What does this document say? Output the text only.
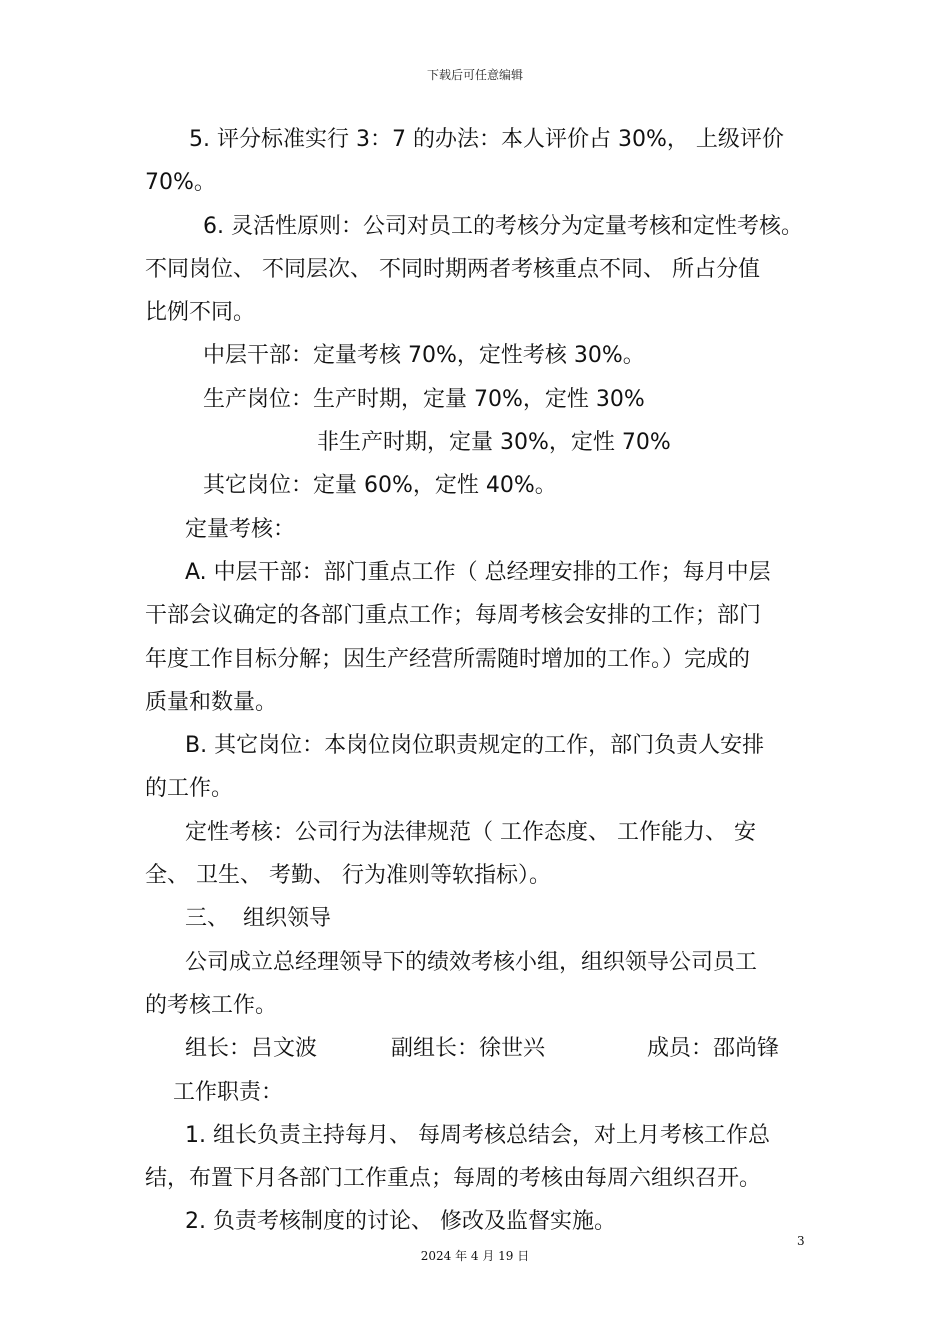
下载后可任意编辑
5. 评分标准实行 3：7 的办法：本人评价占 30%， 上级评价
70%。
6. 灵活性原则：公司对员工的考核分为定量考核和定性考核。
不同岗位、 不同层次、 不同时期两者考核重点不同、 所占分值
比例不同。
中层干部：定量考核 70%，定性考核 30%。
生产岗位：生产时期，定量 70%，定性 30%
非生产时期，定量 30%，定性 70%
其它岗位：定量 60%，定性 40%。
定量考核：
A. 中层干部：部门重点工作（ 总经理安排的工作；每月中层
干部会议确定的各部门重点工作；每周考核会安排的工作；部门
年度工作目标分解；因生产经营所需随时增加的工作。）完成的
质量和数量。
B. 其它岗位：本岗位岗位职责规定的工作，部门负责人安排
的工作。
定性考核：公司行为法律规范（ 工作态度、 工作能力、 安
全、 卫生、 考勤、 行为准则等软指标）。
三、  组织领导
公司成立总经理领导下的绩效考核小组，组织领导公司员工
的考核工作。
组长：吕文波	副组长：徐世兴	成员：邵尚锋
工作职责：
1. 组长负责主持每月、 每周考核总结会，对上月考核工作总
结，布置下月各部门工作重点；每周的考核由每周六组织召开。
2. 负责考核制度的讨论、 修改及监督实施。
3
2024 年 4 月 19 日
